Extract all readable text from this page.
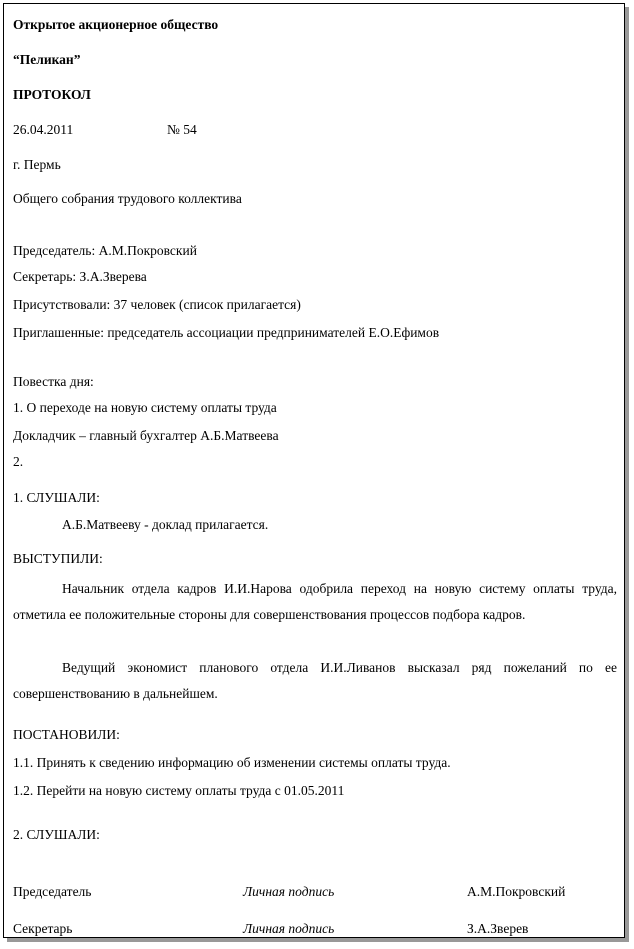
Открытое акционерное общество
“Пеликан”
ПРОТОКОЛ
26.04.2011	№ 54
г. Пермь
Общего собрания трудового коллектива
Председатель: А.М.Покровский
Секретарь: З.А.Зверева
Присутствовали: 37 человек (список прилагается)
Приглашенные: председатель ассоциации предпринимателей Е.О.Ефимов
Повестка дня:
1. О переходе на новую систему оплаты труда
Докладчик – главный бухгалтер А.Б.Матвеева
2.
1. СЛУШАЛИ:
А.Б.Матвееву - доклад прилагается.
ВЫСТУПИЛИ:
Начальник отдела кадров И.И.Нарова одобрила переход на новую систему оплаты труда, отметила ее положительные стороны для совершенствования процессов подбора кадров.
Ведущий экономист планового отдела И.И.Ливанов высказал ряд пожеланий по ее совершенствованию в дальнейшем.
ПОСТАНОВИЛИ:
1.1. Принять к сведению информацию об изменении системы оплаты труда.
1.2. Перейти на новую систему оплаты труда с 01.05.2011
2. СЛУШАЛИ:
Председатель	Личная подпись	А.М.Покровский
Секретарь	Личная подпись	З.А.Зверев
